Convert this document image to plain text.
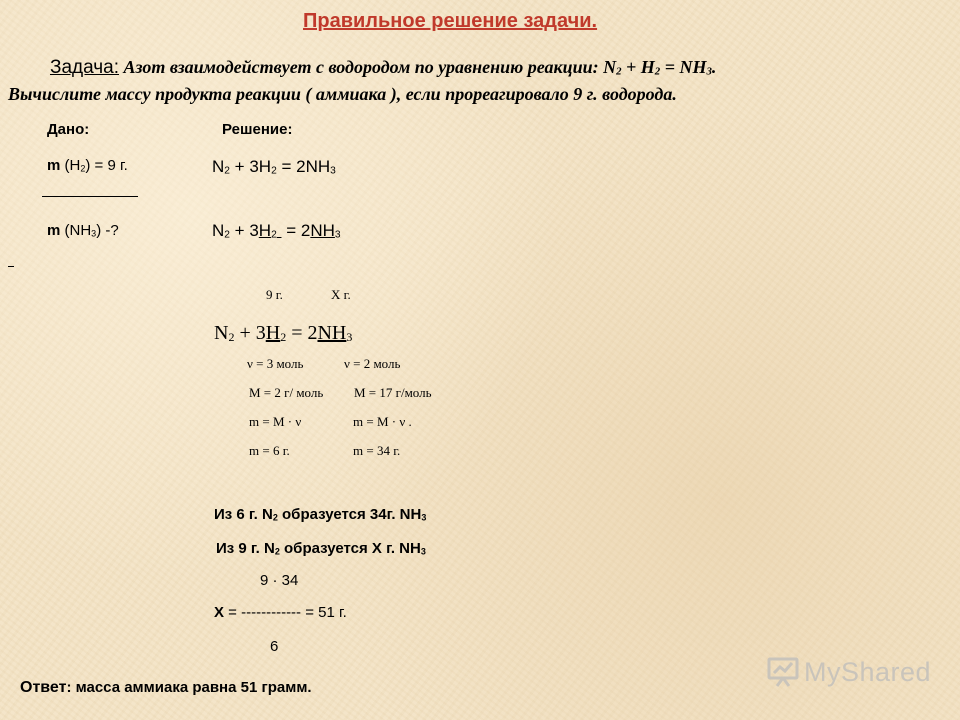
Правильное решение задачи.
Задача: Азот взаимодействует с водородом по уравнению реакции: N2 + H2 = NH3.
Вычислите массу продукта реакции ( аммиака ), если прореагировало 9 г. водорода.
Дано:	Решение:
m (H2) = 9 г.
m (NH3) -?
N2 + 3H2 = 2NH3
N2 + 3H2  = 2NH3
9 г.	X г.
N2 + 3H2 = 2NH3
ν = 3 моль	ν = 2 моль
M = 2 г/ моль M = 17 г/моль
m = M · ν	m = M · ν .
m = 6 г.	m = 34 г.
Из 6 г. N2 образуется 34г. NH3
Из 9 г. N2 образуется X г. NH3
9 · 34
X = ------------ = 51 г.
6
Ответ: масса аммиака равна 51 грамм.
MyShared
